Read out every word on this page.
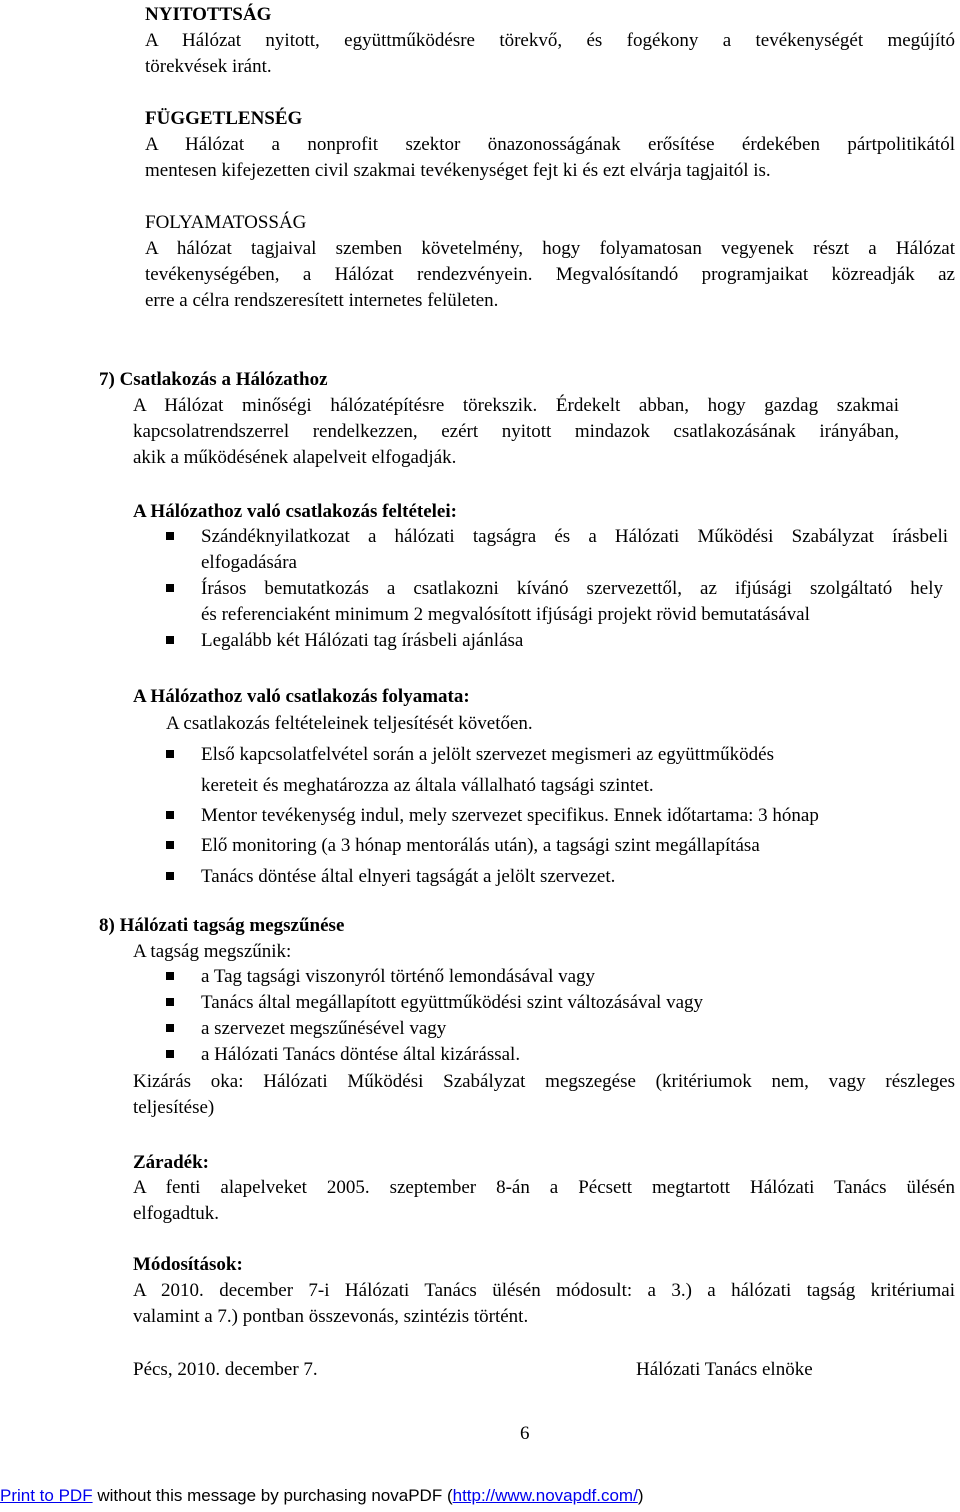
NYITOTTSÁG
A Hálózat nyitott, együttműködésre törekvő, és fogékony a tevékenységét megújító
törekvések iránt.
FÜGGETLENSÉG
A Hálózat a nonprofit szektor önazonosságának erősítése érdekében pártpolitikától
mentesen kifejezetten civil szakmai tevékenységet fejt ki és ezt elvárja tagjaitól is.
FOLYAMATOSSÁG
A hálózat tagjaival szemben követelmény, hogy folyamatosan vegyenek részt a Hálózat
tevékenységében, a Hálózat rendezvényein. Megvalósítandó programjaikat közreadják az
erre a célra rendszeresített internetes felületen.
7) Csatlakozás a Hálózathoz
A Hálózat minőségi hálózatépítésre törekszik. Érdekelt abban, hogy gazdag szakmai
kapcsolatrendszerrel rendelkezzen, ezért nyitott mindazok csatlakozásának irányában,
akik a működésének alapelveit elfogadják.
A Hálózathoz való csatlakozás feltételei:
Szándéknyilatkozat a hálózati tagságra és a Hálózati Működési Szabályzat írásbeli
elfogadására
Írásos bemutatkozás a csatlakozni kívánó szervezettől, az ifjúsági szolgáltató hely
és referenciaként minimum 2 megvalósított ifjúsági projekt rövid bemutatásával
Legalább két Hálózati tag írásbeli ajánlása
A Hálózathoz való csatlakozás folyamata:
A csatlakozás feltételeinek teljesítését követően.
Első kapcsolatfelvétel során a jelölt szervezet megismeri az együttműködés
kereteit és meghatározza az általa vállalható tagsági szintet.
Mentor tevékenység indul, mely szervezet specifikus. Ennek időtartama: 3 hónap
Elő monitoring (a 3 hónap mentorálás után), a tagsági szint megállapítása
Tanács döntése által elnyeri tagságát a jelölt szervezet.
8) Hálózati tagság megszűnése
A tagság megszűnik:
a Tag tagsági viszonyról történő lemondásával vagy
Tanács által megállapított együttműködési szint változásával vagy
a szervezet megszűnésével vagy
a Hálózati Tanács döntése által kizárással.
Kizárás oka: Hálózati Működési Szabályzat megszegése (kritériumok nem, vagy részleges
teljesítése)
Záradék:
A fenti alapelveket 2005. szeptember 8-án a Pécsett megtartott Hálózati Tanács ülésén
elfogadtuk.
Módosítások:
A 2010. december 7-i Hálózati Tanács ülésén módosult: a 3.) a hálózati tagság kritériumai
valamint a 7.) pontban összevonás, szintézis történt.
Pécs, 2010. december 7.	Hálózati Tanács elnöke
6
Print to PDF without this message by purchasing novaPDF (http://www.novapdf.com/)
